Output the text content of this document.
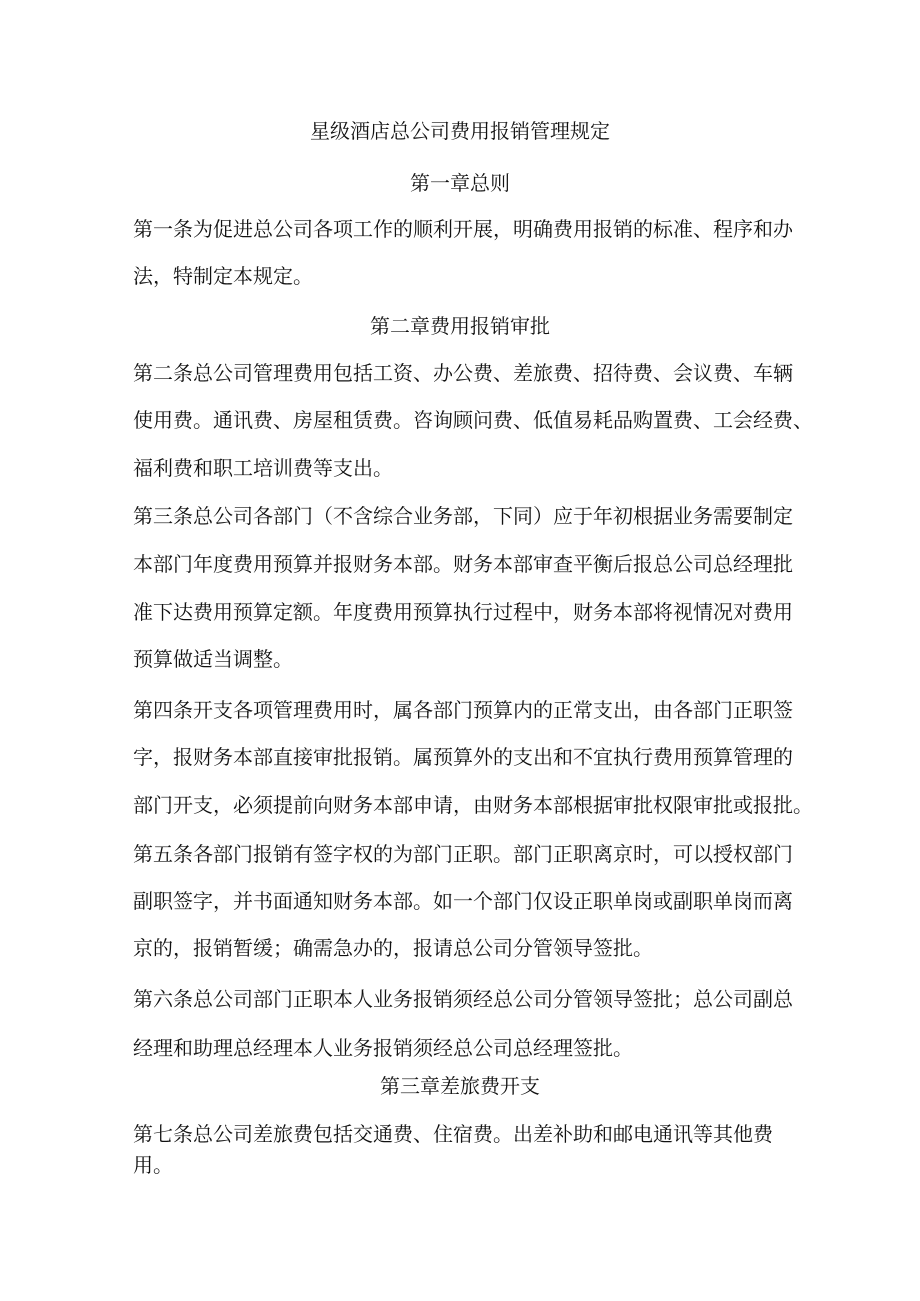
星级酒店总公司费用报销管理规定

第一章总则

第一条为促进总公司各项工作的顺利开展，明确费用报销的标准、程序和办

法，特制定本规定。

第二章费用报销审批

第二条总公司管理费用包括工资、办公费、差旅费、招待费、会议费、车辆

使用费。通讯费、房屋租赁费。咨询顾问费、低值易耗品购置费、工会经费、

福利费和职工培训费等支出。

第三条总公司各部门（不含综合业务部，下同）应于年初根据业务需要制定

本部门年度费用预算并报财务本部。财务本部审查平衡后报总公司总经理批

准下达费用预算定额。年度费用预算执行过程中，财务本部将视情况对费用

预算做适当调整。

第四条开支各项管理费用时，属各部门预算内的正常支出，由各部门正职签

字，报财务本部直接审批报销。属预算外的支出和不宜执行费用预算管理的

部门开支，必须提前向财务本部申请，由财务本部根据审批权限审批或报批。

第五条各部门报销有签字权的为部门正职。部门正职离京时，可以授权部门

副职签字，并书面通知财务本部。如一个部门仅设正职单岗或副职单岗而离

京的，报销暂缓；确需急办的，报请总公司分管领导签批。

第六条总公司部门正职本人业务报销须经总公司分管领导签批；总公司副总

经理和助理总经理本人业务报销须经总公司总经理签批。

第三章差旅费开支

第七条总公司差旅费包括交通费、住宿费。出差补助和邮电通讯等其他费

用。
